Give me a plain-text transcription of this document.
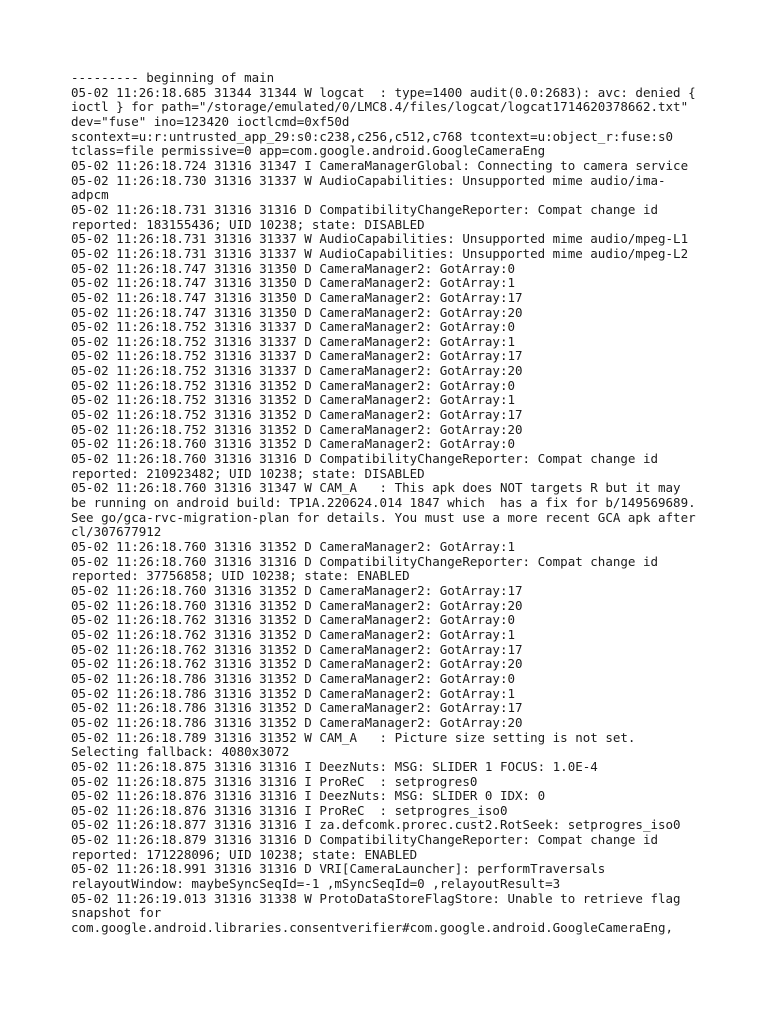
--------- beginning of main
05-02 11:26:18.685 31344 31344 W logcat  : type=1400 audit(0.0:2683): avc: denied {
ioctl } for path="/storage/emulated/0/LMC8.4/files/logcat/logcat1714620378662.txt"
dev="fuse" ino=123420 ioctlcmd=0xf50d
scontext=u:r:untrusted_app_29:s0:c238,c256,c512,c768 tcontext=u:object_r:fuse:s0
tclass=file permissive=0 app=com.google.android.GoogleCameraEng
05-02 11:26:18.724 31316 31347 I CameraManagerGlobal: Connecting to camera service
05-02 11:26:18.730 31316 31337 W AudioCapabilities: Unsupported mime audio/ima-
adpcm
05-02 11:26:18.731 31316 31316 D CompatibilityChangeReporter: Compat change id
reported: 183155436; UID 10238; state: DISABLED
05-02 11:26:18.731 31316 31337 W AudioCapabilities: Unsupported mime audio/mpeg-L1
05-02 11:26:18.731 31316 31337 W AudioCapabilities: Unsupported mime audio/mpeg-L2
05-02 11:26:18.747 31316 31350 D CameraManager2: GotArray:0
05-02 11:26:18.747 31316 31350 D CameraManager2: GotArray:1
05-02 11:26:18.747 31316 31350 D CameraManager2: GotArray:17
05-02 11:26:18.747 31316 31350 D CameraManager2: GotArray:20
05-02 11:26:18.752 31316 31337 D CameraManager2: GotArray:0
05-02 11:26:18.752 31316 31337 D CameraManager2: GotArray:1
05-02 11:26:18.752 31316 31337 D CameraManager2: GotArray:17
05-02 11:26:18.752 31316 31337 D CameraManager2: GotArray:20
05-02 11:26:18.752 31316 31352 D CameraManager2: GotArray:0
05-02 11:26:18.752 31316 31352 D CameraManager2: GotArray:1
05-02 11:26:18.752 31316 31352 D CameraManager2: GotArray:17
05-02 11:26:18.752 31316 31352 D CameraManager2: GotArray:20
05-02 11:26:18.760 31316 31352 D CameraManager2: GotArray:0
05-02 11:26:18.760 31316 31316 D CompatibilityChangeReporter: Compat change id
reported: 210923482; UID 10238; state: DISABLED
05-02 11:26:18.760 31316 31347 W CAM_A   : This apk does NOT targets R but it may
be running on android build: TP1A.220624.014 1847 which  has a fix for b/149569689.
See go/gca-rvc-migration-plan for details. You must use a more recent GCA apk after
cl/307677912
05-02 11:26:18.760 31316 31352 D CameraManager2: GotArray:1
05-02 11:26:18.760 31316 31316 D CompatibilityChangeReporter: Compat change id
reported: 37756858; UID 10238; state: ENABLED
05-02 11:26:18.760 31316 31352 D CameraManager2: GotArray:17
05-02 11:26:18.760 31316 31352 D CameraManager2: GotArray:20
05-02 11:26:18.762 31316 31352 D CameraManager2: GotArray:0
05-02 11:26:18.762 31316 31352 D CameraManager2: GotArray:1
05-02 11:26:18.762 31316 31352 D CameraManager2: GotArray:17
05-02 11:26:18.762 31316 31352 D CameraManager2: GotArray:20
05-02 11:26:18.786 31316 31352 D CameraManager2: GotArray:0
05-02 11:26:18.786 31316 31352 D CameraManager2: GotArray:1
05-02 11:26:18.786 31316 31352 D CameraManager2: GotArray:17
05-02 11:26:18.786 31316 31352 D CameraManager2: GotArray:20
05-02 11:26:18.789 31316 31352 W CAM_A   : Picture size setting is not set.
Selecting fallback: 4080x3072
05-02 11:26:18.875 31316 31316 I DeezNuts: MSG: SLIDER 1 FOCUS: 1.0E-4
05-02 11:26:18.875 31316 31316 I ProReC  : setprogres0
05-02 11:26:18.876 31316 31316 I DeezNuts: MSG: SLIDER 0 IDX: 0
05-02 11:26:18.876 31316 31316 I ProReC  : setprogres_iso0
05-02 11:26:18.877 31316 31316 I za.defcomk.prorec.cust2.RotSeek: setprogres_iso0
05-02 11:26:18.879 31316 31316 D CompatibilityChangeReporter: Compat change id
reported: 171228096; UID 10238; state: ENABLED
05-02 11:26:18.991 31316 31316 D VRI[CameraLauncher]: performTraversals
relayoutWindow: maybeSyncSeqId=-1 ,mSyncSeqId=0 ,relayoutResult=3
05-02 11:26:19.013 31316 31338 W ProtoDataStoreFlagStore: Unable to retrieve flag
snapshot for
com.google.android.libraries.consentverifier#com.google.android.GoogleCameraEng,
